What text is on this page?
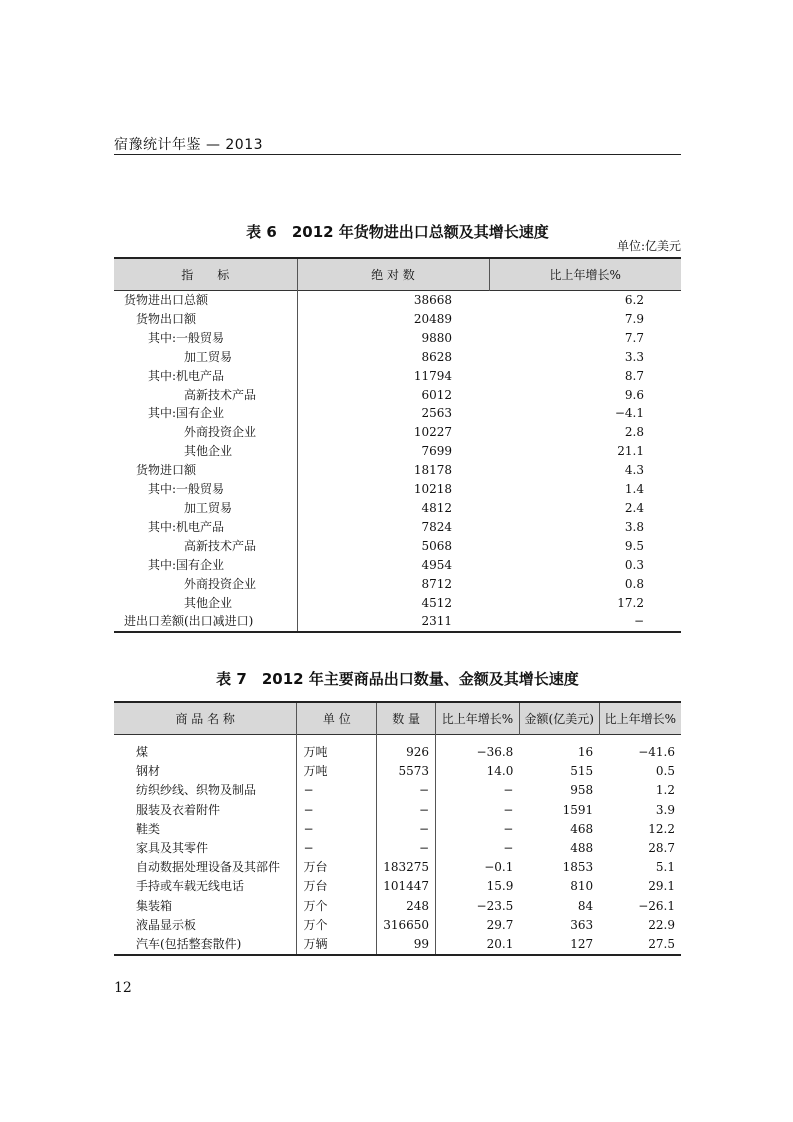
宿豫统计年鉴 — 2013
表 6　2012 年货物进出口总额及其增长速度
单位:亿美元
指　　标	绝 对 数	比上年增长%
货物进出口总额	38668	6.2
货物出口额	20489	7.9
其中:一般贸易	9880	7.7
加工贸易	8628	3.3
其中:机电产品	11794	8.7
高新技术产品	6012	9.6
其中:国有企业	2563	−4.1
外商投资企业	10227	2.8
其他企业	7699	21.1
货物进口额	18178	4.3
其中:一般贸易	10218	1.4
加工贸易	4812	2.4
其中:机电产品	7824	3.8
高新技术产品	5068	9.5
其中:国有企业	4954	0.3
外商投资企业	8712	0.8
其他企业	4512	17.2
进出口差额(出口减进口)	2311	−
表 7　2012 年主要商品出口数量、金额及其增长速度
商 品 名 称	单 位	数 量	比上年增长%	金额(亿美元)	比上年增长%

煤	万吨	926	−36.8	16	−41.6
钢材	万吨	5573	14.0	515	0.5
纺织纱线、织物及制品	−	−	−	958	1.2
服装及衣着附件	−	−	−	1591	3.9
鞋类	−	−	−	468	12.2
家具及其零件	−	−	−	488	28.7
自动数据处理设备及其部件	万台	183275	−0.1	1853	5.1
手持或车载无线电话	万台	101447	15.9	810	29.1
集装箱	万个	248	−23.5	84	−26.1
液晶显示板	万个	316650	29.7	363	22.9
汽车(包括整套散件)	万辆	99	20.1	127	27.5
12
